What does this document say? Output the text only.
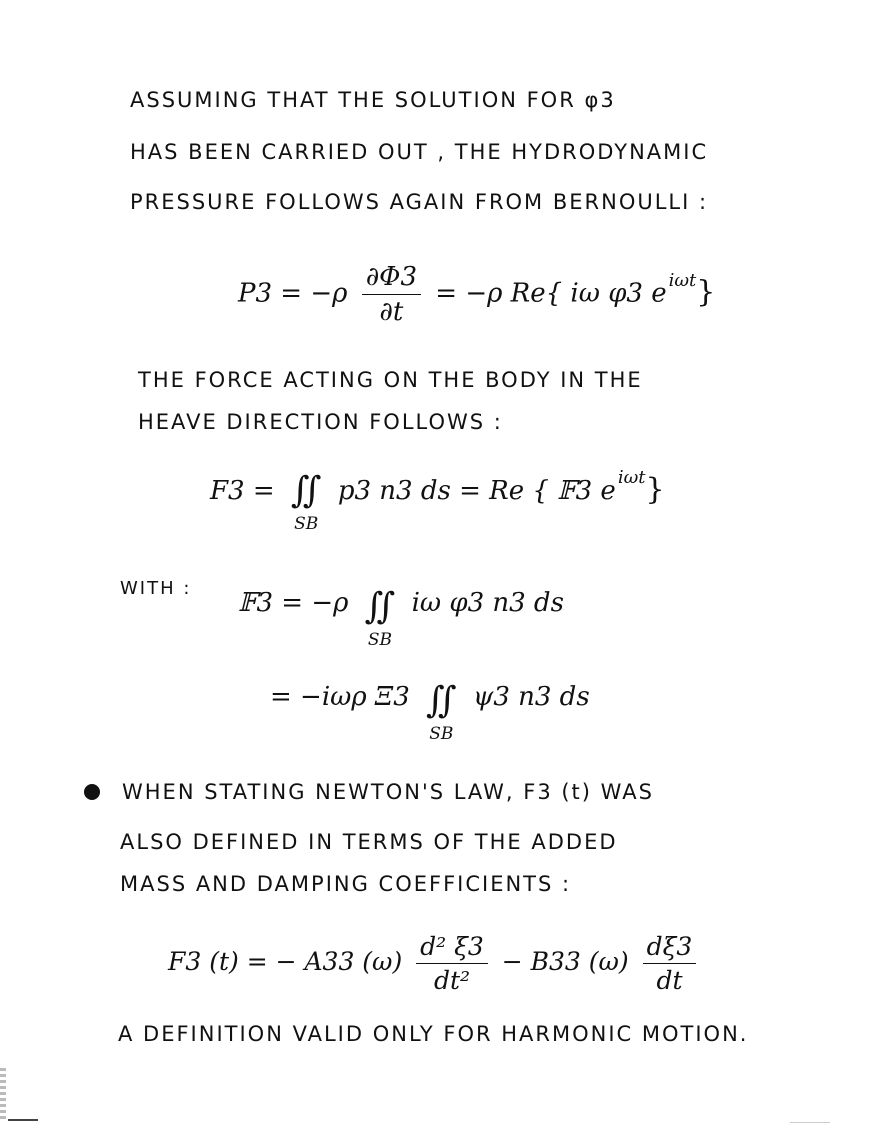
ASSUMING THAT THE SOLUTION FOR φ3
HAS BEEN CARRIED OUT , THE HYDRODYNAMIC
PRESSURE FOLLOWS AGAIN FROM BERNOULLI :
$P3 = -\rho \frac{\partial\Phi 3}{\partial t} = -\rho$ Re{ iω φ3 e $^{i\omega t}$}
THE FORCE ACTING ON THE BODY IN THE
HEAVE DIRECTION FOLLOWS :
F3 = ∬
SB
p3 n3 ds = Re { 𝔽3 e $^{i\omega t}$}
WITH : 𝔽3 = −ρ ∬
SB
iω φ3 n3 ds
= −iωρ Ξ3 ∬
SB
ψ3 n3 ds
WHEN STATING NEWTON'S LAW, F3 (t) WAS
ALSO DEFINED IN TERMS OF THE ADDED
MASS AND DAMPING COEFFICIENTS :
F3 (t) = − A33 $(\omega) \frac{\text{d² ξ3}}{\text{dt²}} - B33$ $(\omega) \frac{d\xi 3}{dt}$
A DEFINITION VALID ONLY FOR HARMONIC MOTION.
